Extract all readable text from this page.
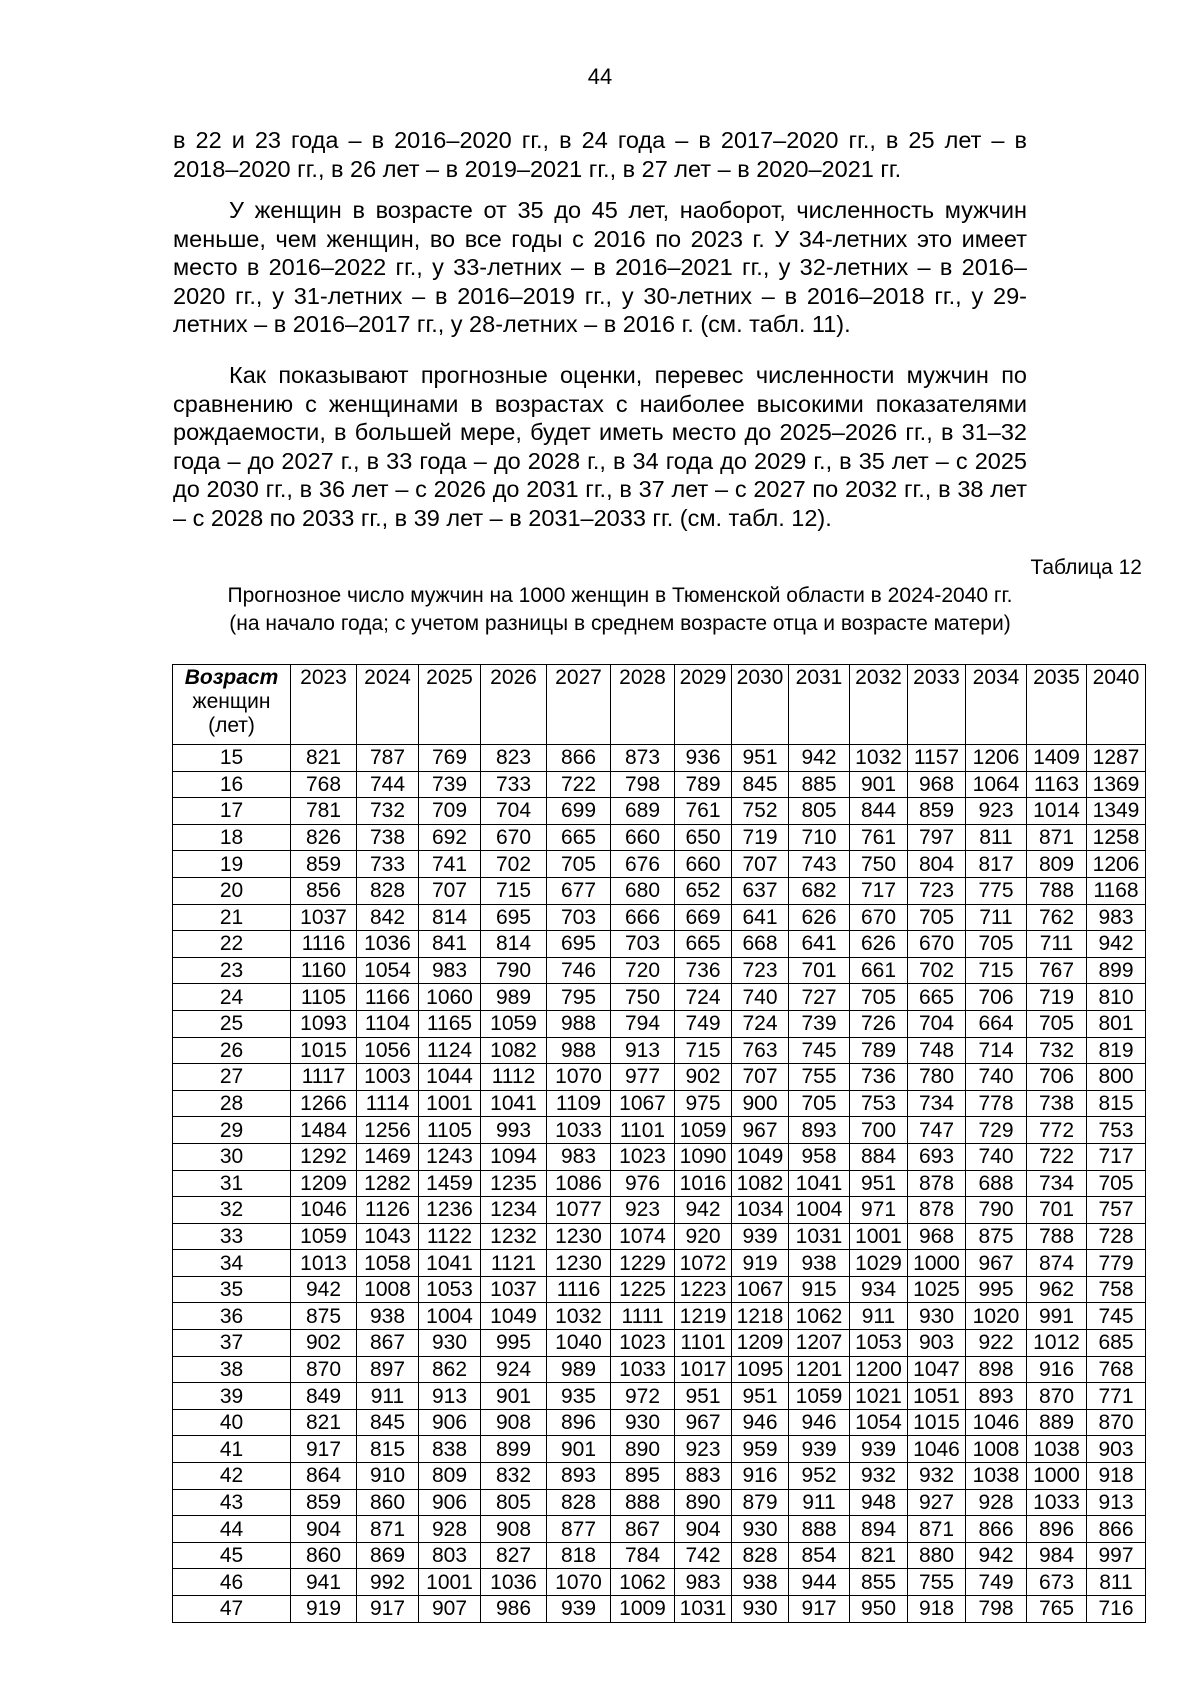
44

в 22 и 23 года – в 2016–2020 гг., в 24 года – в 2017–2020 гг., в 25 лет – в 2018–2020 гг., в 26 лет – в 2019–2021 гг., в 27 лет – в 2020–2021 гг.

У женщин в возрасте от 35 до 45 лет, наоборот, численность мужчин меньше, чем женщин, во все годы с 2016 по 2023 г. У 34-летних это имеет место в 2016–2022 гг., у 33-летних – в 2016–2021 гг., у 32-летних – в 2016–2020 гг., у 31-летних – в 2016–2019 гг., у 30-летних – в 2016–2018 гг., у 29-летних – в 2016–2017 гг., у 28-летних – в 2016 г. (см. табл. 11).

Как показывают прогнозные оценки, перевес численности мужчин по сравнению с женщинами в возрастах с наиболее высокими показателями рождаемости, в большей мере, будет иметь место до 2025–2026 гг., в 31–32 года – до 2027 г., в 33 года – до 2028 г., в 34 года до 2029 г., в 35 лет – с 2025 до 2030 гг., в 36 лет – с 2026 до 2031 гг., в 37 лет – с 2027 по 2032 гг., в 38 лет – с 2028 по 2033 гг., в 39 лет – в 2031–2033 гг. (см. табл. 12).

Таблица 12
Прогнозное число мужчин на 1000 женщин в Тюменской области в 2024-2040 гг.
(на начало года; с учетом разницы в среднем возрасте отца и возрасте матери)
Возраст
женщин (лет)	2023	2024	2025	2026	2027	2028	2029	2030	2031	2032	2033	2034	2035	2040
15	821	787	769	823	866	873	936	951	942	1032	1157	1206	1409	1287
16	768	744	739	733	722	798	789	845	885	901	968	1064	1163	1369
17	781	732	709	704	699	689	761	752	805	844	859	923	1014	1349
18	826	738	692	670	665	660	650	719	710	761	797	811	871	1258
19	859	733	741	702	705	676	660	707	743	750	804	817	809	1206
20	856	828	707	715	677	680	652	637	682	717	723	775	788	1168
21	1037	842	814	695	703	666	669	641	626	670	705	711	762	983
22	1116	1036	841	814	695	703	665	668	641	626	670	705	711	942
23	1160	1054	983	790	746	720	736	723	701	661	702	715	767	899
24	1105	1166	1060	989	795	750	724	740	727	705	665	706	719	810
25	1093	1104	1165	1059	988	794	749	724	739	726	704	664	705	801
26	1015	1056	1124	1082	988	913	715	763	745	789	748	714	732	819
27	1117	1003	1044	1112	1070	977	902	707	755	736	780	740	706	800
28	1266	1114	1001	1041	1109	1067	975	900	705	753	734	778	738	815
29	1484	1256	1105	993	1033	1101	1059	967	893	700	747	729	772	753
30	1292	1469	1243	1094	983	1023	1090	1049	958	884	693	740	722	717
31	1209	1282	1459	1235	1086	976	1016	1082	1041	951	878	688	734	705
32	1046	1126	1236	1234	1077	923	942	1034	1004	971	878	790	701	757
33	1059	1043	1122	1232	1230	1074	920	939	1031	1001	968	875	788	728
34	1013	1058	1041	1121	1230	1229	1072	919	938	1029	1000	967	874	779
35	942	1008	1053	1037	1116	1225	1223	1067	915	934	1025	995	962	758
36	875	938	1004	1049	1032	1111	1219	1218	1062	911	930	1020	991	745
37	902	867	930	995	1040	1023	1101	1209	1207	1053	903	922	1012	685
38	870	897	862	924	989	1033	1017	1095	1201	1200	1047	898	916	768
39	849	911	913	901	935	972	951	951	1059	1021	1051	893	870	771
40	821	845	906	908	896	930	967	946	946	1054	1015	1046	889	870
41	917	815	838	899	901	890	923	959	939	939	1046	1008	1038	903
42	864	910	809	832	893	895	883	916	952	932	932	1038	1000	918
43	859	860	906	805	828	888	890	879	911	948	927	928	1033	913
44	904	871	928	908	877	867	904	930	888	894	871	866	896	866
45	860	869	803	827	818	784	742	828	854	821	880	942	984	997
46	941	992	1001	1036	1070	1062	983	938	944	855	755	749	673	811
47	919	917	907	986	939	1009	1031	930	917	950	918	798	765	716
